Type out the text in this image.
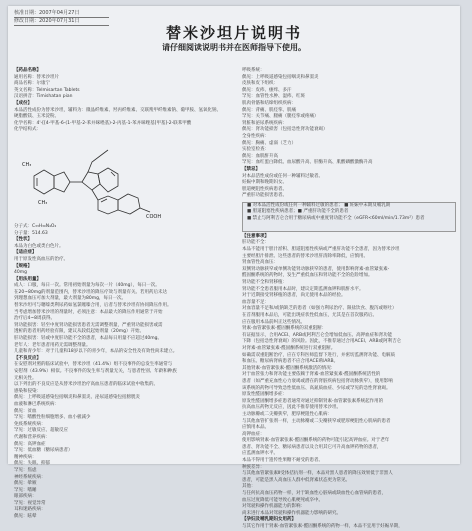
核准日期：2007年04月27日
修改日期：2020年07月31日
替米沙坦片说明书
请仔细阅读说明书并在医师指导下使用。

【药品名称】

通用名称：替米沙坦片

商品名称：尔康宁

英文名称：Telmisartan Tablets

汉语拼音：Timishatan pian

【成份】

本品活性成份为替米沙坦，辅料为：微晶纤维素、羟丙纤维素、交联羧甲纤维素钠、葡甲胺、氢氧化钠、硬脂酸镁、玉米淀粉。

化学名称：4'-[[4-甲基-6-(1-甲基-2-苯并咪唑基)-2-丙基-1-苯并咪唑基]甲基]-2-联苯甲酸

化学结构式：

CH₃
CH₃
COOH

分子式：C₃₃H₃₀N₄O₂

分子量：514.63

【性状】

本品为白色或类白色片。

【适应症】

用于原发性高血压的治疗。

【规格】

40mg

【用法用量】

成人：口服，每日一次。常用初始剂量为每次一片（40mg），每日一次。

在20~80mg的剂量范围内，替米沙坦的降压疗效与剂量有关。若用药后未达

到理想血压可加大剂量，最大剂量为80mg，每日一次。

替米沙坦可与噻嗪类利尿药如氢氯噻嗪合用，后者与替米沙坦有协同降压作用。

当考虑增加替米沙坦的剂量时，必须注意：本品最大的降压作用通常于开始

治疗后4~8周获得。

肾功能损害：轻至中度肾功能损害患者无需调整剂量，严重肾功能损害或需

透析的患者用药经验有限，建议从较低起始剂量（20mg）开始。

肝功能损害：轻或中度肝功能不全的患者，本品每日用量不应超过40mg。

老年人：老年患者用药无需调整剂量。

儿童和青少年：对于儿童和18岁以下的青少年，本品的安全性及有效性尚未建立。

【不良反应】

在安慰剂对照的临床试验中，替米沙坦（41.4%）组不良事件的总发生率通常与

安慰剂（43.9%）相似。不良事件的发生率与剂量无关，与患者性别、年龄和种族

无相关性。

以下列出的不良反应是从替米沙坦治疗高血压患者的临床试验中收集的。

感染和侵染：

偶见：上呼吸道感染包括咽炎和鼻窦炎、泌尿道感染包括膀胱炎

血液和淋巴系统疾病：

偶见：贫血

罕见：嗜酸性粒细胞增多、血小板减少

免疫系统疾病：

罕见：过敏反应、超敏反应

代谢和营养疾病：

偶见：高钾血症

罕见：低血糖（糖尿病患者）

精神疾病：

偶见：失眠、抑郁

罕见：焦虑

神经系统疾病：

偶见：晕厥

罕见：嗜睡

眼部疾病：

罕见：视觉异常

耳和迷路疾病：

偶见：眩晕

呼吸系统：

偶见：上呼吸道感染包括咽炎和鼻窦炎

皮肤和皮下组织：

偶见：皮疹、瘙痒、多汗

罕见：血管性水肿、湿疹、红斑

肌肉骨骼和结缔组织疾病：

偶见：背痛、肌痉挛、肌痛

罕见：关节痛、腿痛（腿痉挛或疼痛）

肾脏和泌尿系统疾病：

偶见：肾功能损害（包括急性肾功能衰竭）

全身性疾病：

偶见：胸痛、虚弱（乏力）

实验室检查：

偶见：血肌酐升高

罕见：血红蛋白降低、血尿酸升高、肝酶升高、肌酸磷酸激酶升高

【禁忌】

对本品活性成份或任何一种辅料过敏者。

妊娠中期和晚期妇女。

胆道梗阻性疾病患者。

严重肝功能损害患者。

■ 对本品活性成份或任何一种辅料过敏的患者； ■ 妊娠中末期及哺乳期

■ 胆道阻塞性疾病患者；■ 严重肝功能不全的患者

■ 禁止与阿利吉仑合用于糖尿病或中重度肾功能不全（eGFR<60ml/min/1.73m²）患者

【注意事项】

肝功能不全：

本品不能用于胆汁淤积、胆道阻塞性疾病或严重肝功能不全患者，因为替米沙坦

主要经胆汁排泄。这些患者的替米沙坦肝清除率降低，应慎用。

肾血管性高血压：

双侧肾动脉狭窄或单侧功能肾动脉狭窄的患者，使用影响肾素-血管紧张素-

醛固酮系统的药物时，发生严重低血压和肾功能不全的危险增加。

肾功能不全和肾移植：

肾功能不全患者服用本品时，建议定期监测血钾和肌酐水平。

对于近期接受肾移植的患者，尚无使用本品的经验。

血容量不足：

对血容量不足和/或钠缺乏的患者（如强力利尿治疗、限盐饮食、腹泻或呕吐）

在首剂服用本品后，可能出现症状性低血压，尤其是在首次服药后。

应在服用本品前纠正这些情况。

肾素-血管紧张素-醛固酮系统的双重阻断：

有证据显示，合用ACEI、ARB或阿利吉仑会增加低血压、高钾血症和肾功能

下降（包括急性肾衰竭）的风险。因此，不推荐通过合用ACEI、ARB或阿利吉仑

对肾素-血管紧张素-醛固酮系统进行双重阻断。

如确需双重阻断治疗，应在专科医师监督下进行，并密切监测肾功能、电解质

和血压。糖尿病肾病患者不应合用ACEI和ARB。

其他肾素-血管紧张素-醛固酮系统激活的情况：

对于血管张力和肾功能主要依赖于肾素-血管紧张素-醛固酮系统活性的

患者（如严重充血性心力衰竭或潜在的肾脏疾病包括肾动脉狭窄），使用影响

该系统的药物可导致急性低血压、高氮质血症、少尿或罕见的急性肾衰竭。

原发性醛固酮增多症：

原发性醛固酮增多症患者通常对通过抑制肾素-血管紧张素系统起作用的

抗高血压药物无反应，因此不推荐使用替米沙坦。

主动脉瓣或二尖瓣狭窄，肥厚梗阻性心肌病：

与其他血管扩张剂一样，主动脉瓣或二尖瓣狭窄或肥厚梗阻性心肌病的患者

应慎用本品。

高钾血症：

使用影响肾素-血管紧张素-醛固酮系统的药物可能引起高钾血症。对于老年

患者、肾功能不全、糖尿病患者以及合用其它可升高血钾药物的患者，

应监测血钾水平。

本品不得用于遗传性果糖不耐受的患者。

种族差异：

与其他血管紧张素Ⅱ受体拮抗剂一样，本品对黑人患者的降压效果低于非黑人

患者，可能是黑人高血压人群中低肾素状态更为常见。

其他：

与任何抗高血压药物一样，对于缺血性心脏病或缺血性心血管病的患者，

血压过度降低可能导致心肌梗死或卒中。

对驾驶和操作机器能力的影响：

尚未进行本品对驾驶和操作机器能力影响的研究。

【孕妇及哺乳期妇女用药】

与其它作用于肾素-血管紧张素-醛固酮系统的药物一样，本品不宜用于妊娠早期，
